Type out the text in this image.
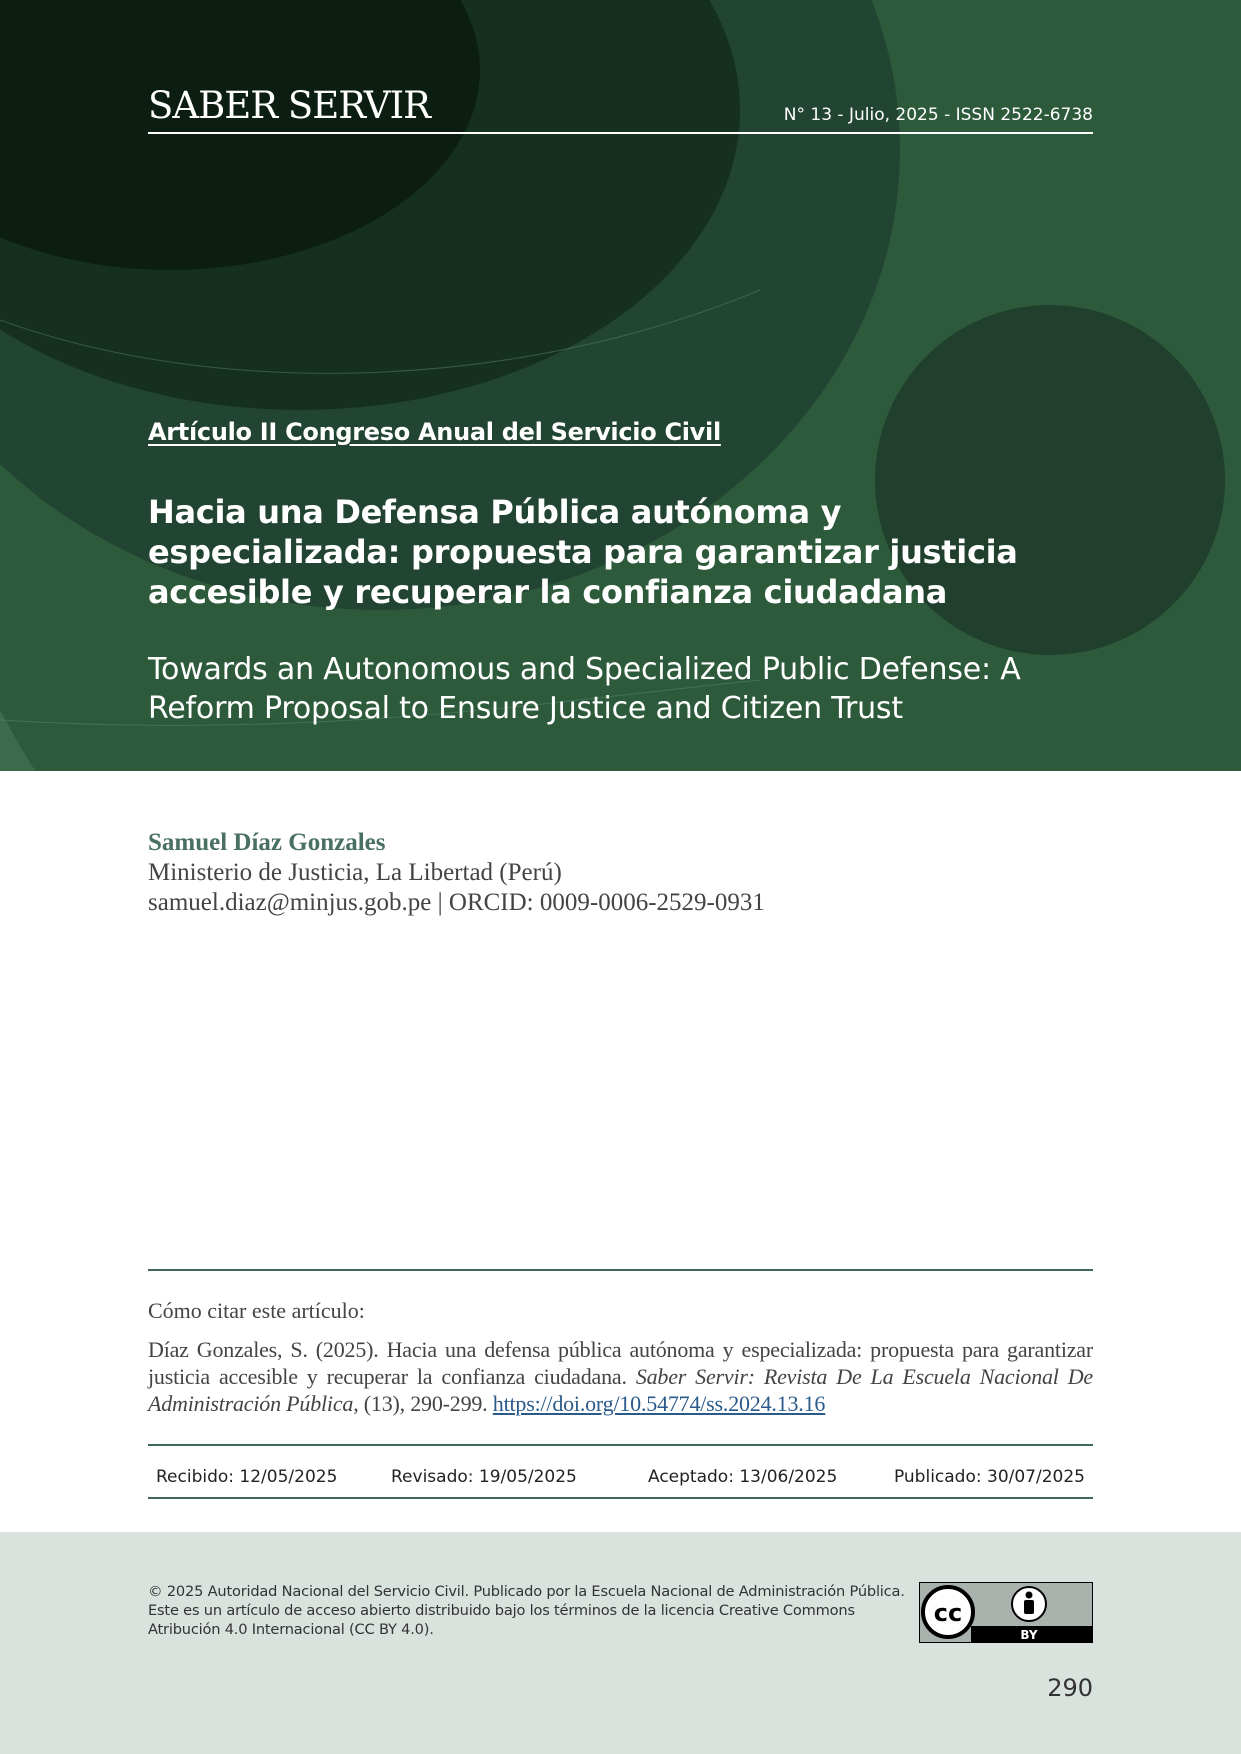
SABER SERVIR	N° 13 - Julio, 2025 - ISSN 2522-6738
Artículo II Congreso Anual del Servicio Civil
Hacia una Defensa Pública autónoma y especializada: propuesta para garantizar justicia accesible y recuperar la confianza ciudadana
Towards an Autonomous and Specialized Public Defense: A Reform Proposal to Ensure Justice and Citizen Trust
Samuel Díaz Gonzales
Ministerio de Justicia, La Libertad (Perú)
samuel.diaz@minjus.gob.pe | ORCID: 0009-0006-2529-0931
Cómo citar este artículo:
Díaz Gonzales, S. (2025). Hacia una defensa pública autónoma y especializada: propuesta para garantizar justicia accesible y recuperar la confianza ciudadana. Saber Servir: Revista De La Escuela Nacional De Administración Pública, (13), 290-299. https://doi.org/10.54774/ss.2024.13.16
Recibido: 12/05/2025	Revisado: 19/05/2025	Aceptado: 13/06/2025	Publicado: 30/07/2025
© 2025 Autoridad Nacional del Servicio Civil. Publicado por la Escuela Nacional de Administración Pública. Este es un artículo de acceso abierto distribuido bajo los términos de la licencia Creative Commons Atribución 4.0 Internacional (CC BY 4.0).
cc
BY
290
